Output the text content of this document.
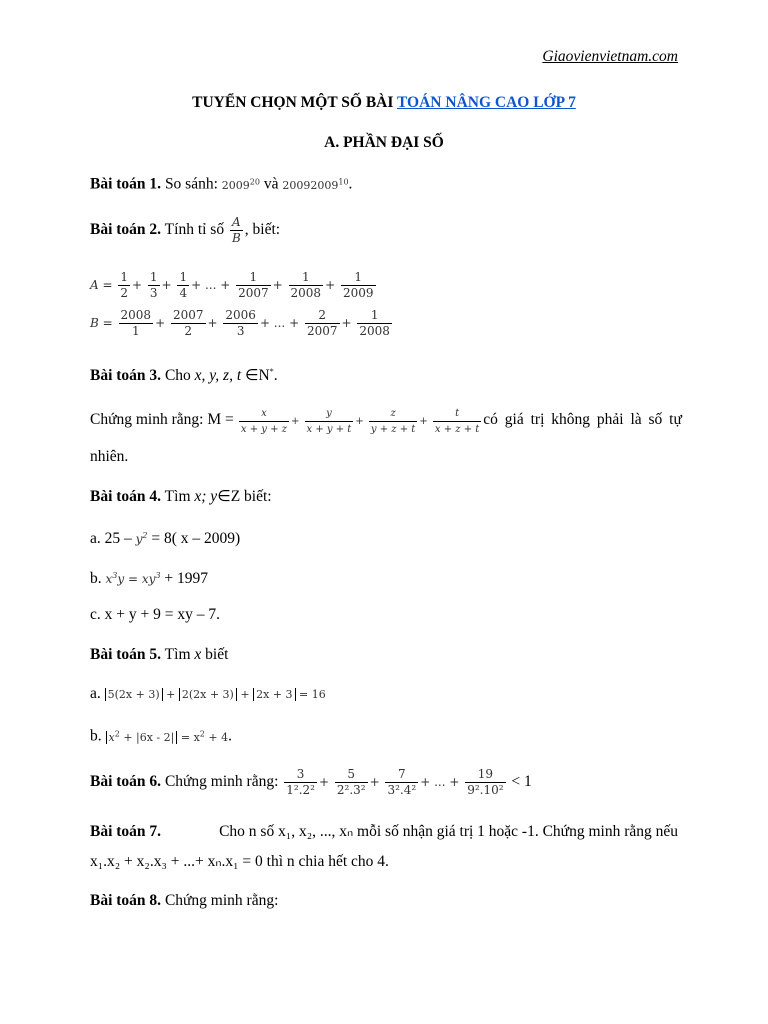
Giaovienvietnam.com
TUYỂN CHỌN MỘT SỐ BÀI TOÁN NÂNG CAO LỚP 7
A. PHẦN ĐẠI SỐ
Bài toán 1. So sánh: 2009$^{20}$ và 20092009$^{10}$.
Bài toán 2. Tính tỉ số $\frac{A}{B}$ , biết:
$A = \frac{1}{2} + \frac{1}{3} + \frac{1}{4}$ + ... + $\frac{1}{2007} + \frac{1}{2008} + \frac{1}{2009}$
$B = \frac{2008}{1} + \frac{2007}{2} + \frac{2006}{3}$ + ... + $\frac{2}{2007} + \frac{1}{2008}$
Bài toán 3. Cho x, y, z, t ∈N*.
Chứng minh rằng: $M = \frac{x}{x + y + z} + \frac{y}{x + y + t} + \frac{z}{y + z + t} + \frac{t}{x + z + t}$ có giá trị không phải là số tự
nhiên.
Bài toán 4. Tìm x; y∈Z biết:
a. $25 - y^2 = 8$( x – 2009)
b. $x^3y = xy^3 + 1997$
c. x + y + 9 = xy – 7.
Bài toán 5. Tìm x biết
a. 5(2x + 3) + 2(2x + 3) + 2x + 3 = 16
b. $x^2 + |6x - 2| = x^2 + 4$.
Bài toán 6. Chứng minh rằng: $\frac{3}{\text{1².2²}} + \frac{5}{\text{2².3²}} + \frac{7}{\text{3².4²}}$ + ... + $\frac{19}{\text{9².10²}} < 1$
Bài toán 7.	Cho n số x₁, x₂, ..., xₙ mỗi số nhận giá trị 1 hoặc -1. Chứng minh rằng nếu
x₁.x₂ + x₂.x₃ + ...+ xₙ.x₁ = 0 thì n chia hết cho 4.
Bài toán 8. Chứng minh rằng:
